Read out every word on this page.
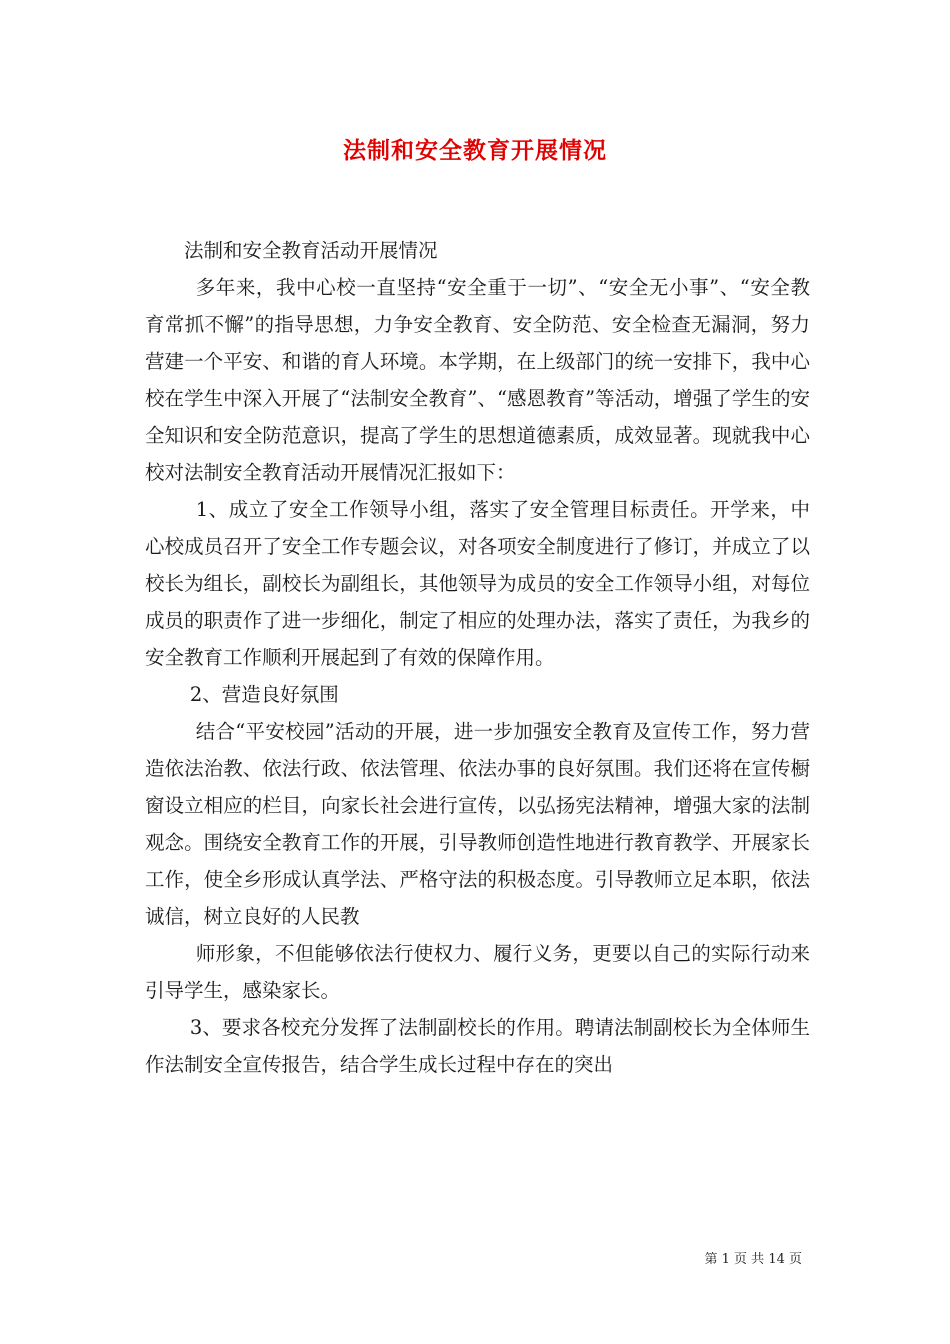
法制和安全教育开展情况

法制和安全教育活动开展情况

多年来，我中心校一直坚持“安全重于一切”、“安全无小事”、“安全教育常抓不懈”的指导思想，力争安全教育、安全防范、安全检查无漏洞，努力营建一个平安、和谐的育人环境。本学期，在上级部门的统一安排下，我中心校在学生中深入开展了“法制安全教育”、“感恩教育”等活动，增强了学生的安全知识和安全防范意识，提高了学生的思想道德素质，成效显著。现就我中心校对法制安全教育活动开展情况汇报如下：

1、成立了安全工作领导小组，落实了安全管理目标责任。开学来，中心校成员召开了安全工作专题会议，对各项安全制度进行了修订，并成立了以校长为组长，副校长为副组长，其他领导为成员的安全工作领导小组，对每位成员的职责作了进一步细化，制定了相应的处理办法，落实了责任，为我乡的安全教育工作顺利开展起到了有效的保障作用。

2、营造良好氛围

结合“平安校园”活动的开展，进一步加强安全教育及宣传工作，努力营造依法治教、依法行政、依法管理、依法办事的良好氛围。我们还将在宣传橱窗设立相应的栏目，向家长社会进行宣传，以弘扬宪法精神，增强大家的法制观念。围绕安全教育工作的开展，引导教师创造性地进行教育教学、开展家长工作，使全乡形成认真学法、严格守法的积极态度。引导教师立足本职，依法诚信，树立良好的人民教

师形象，不但能够依法行使权力、履行义务，更要以自己的实际行动来引导学生，感染家长。

3、要求各校充分发挥了法制副校长的作用。聘请法制副校长为全体师生作法制安全宣传报告，结合学生成长过程中存在的突出

第 1 页 共 14 页
